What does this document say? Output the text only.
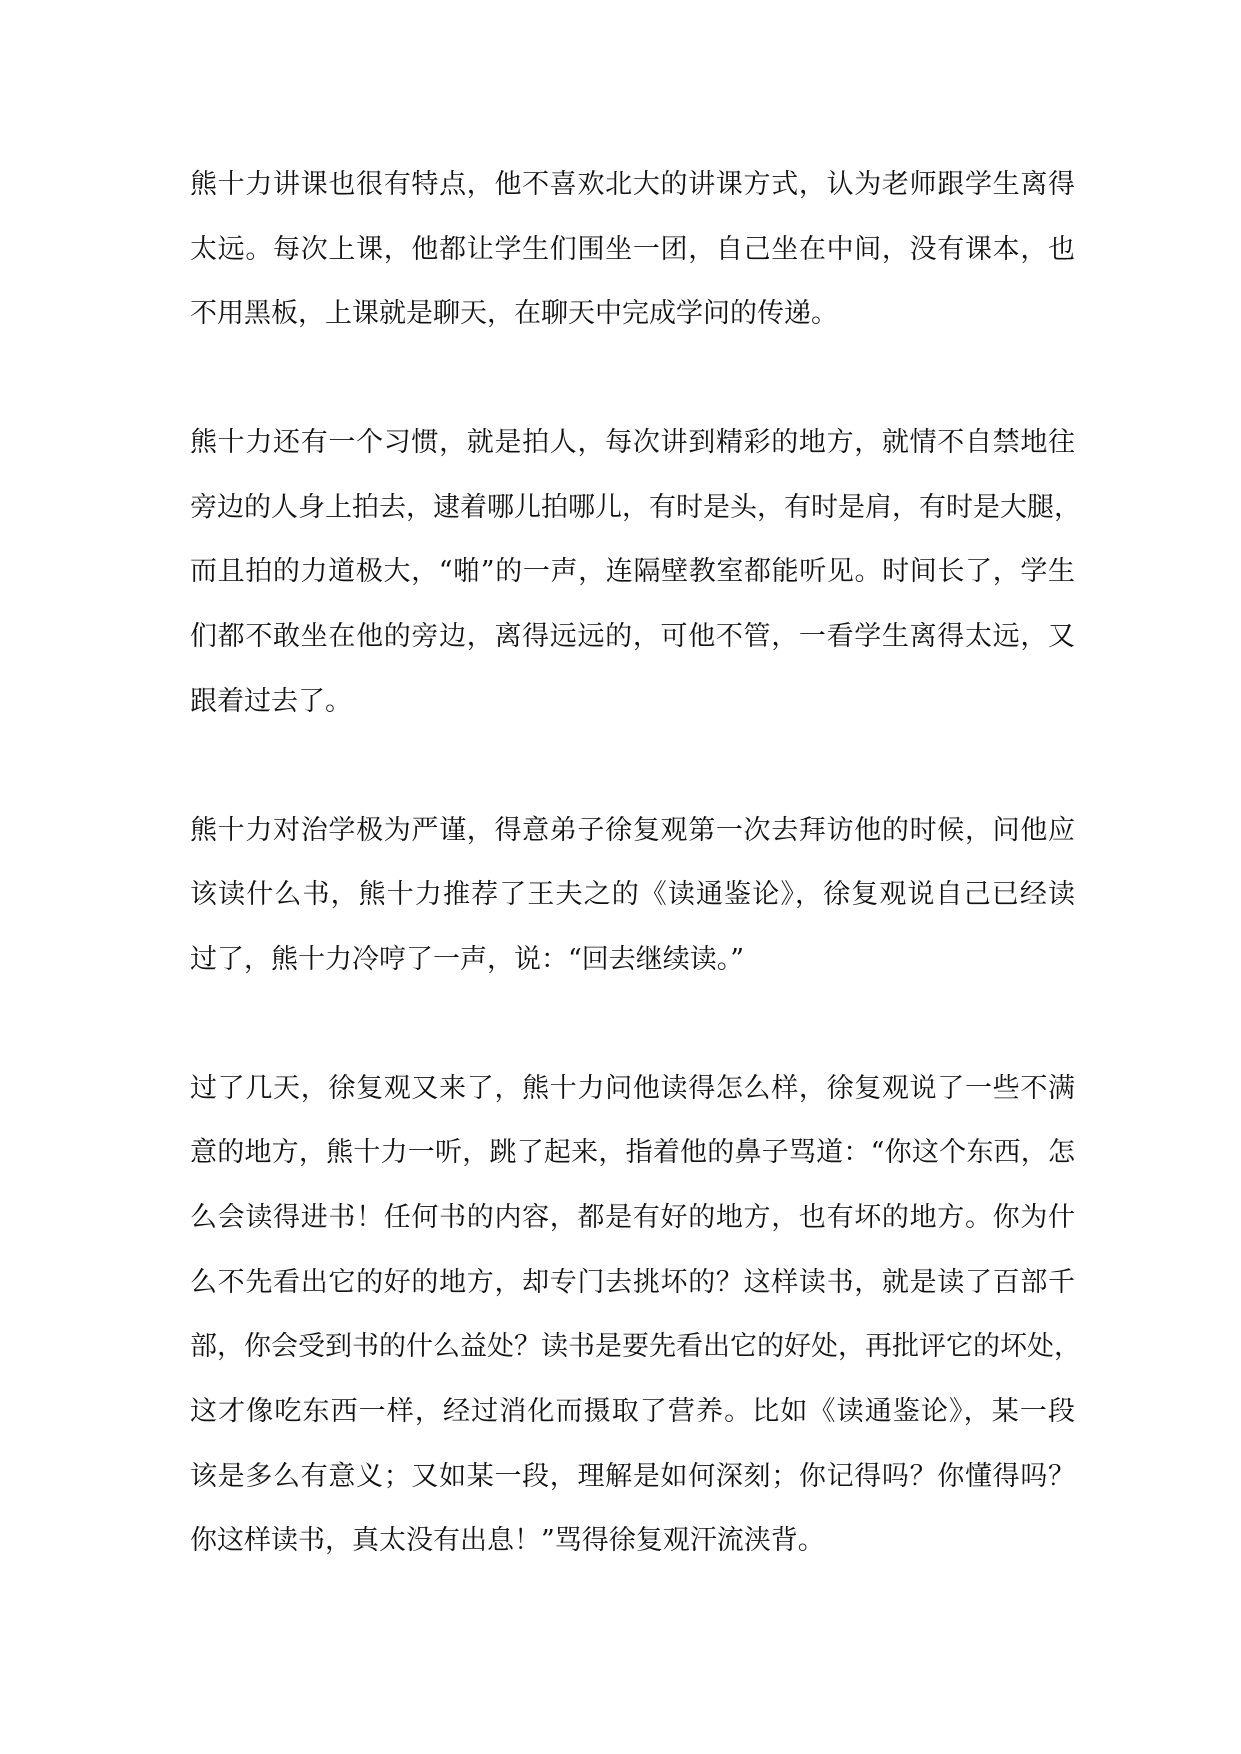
熊十力讲课也很有特点，他不喜欢北大的讲课方式，认为老师跟学生离得
太远。每次上课，他都让学生们围坐一团，自己坐在中间，没有课本，也
不用黑板，上课就是聊天，在聊天中完成学问的传递。

熊十力还有一个习惯，就是拍人，每次讲到精彩的地方，就情不自禁地往
旁边的人身上拍去，逮着哪儿拍哪儿，有时是头，有时是肩，有时是大腿，
而且拍的力道极大，“啪”的一声，连隔壁教室都能听见。时间长了，学生
们都不敢坐在他的旁边，离得远远的，可他不管，一看学生离得太远，又
跟着过去了。

熊十力对治学极为严谨，得意弟子徐复观第一次去拜访他的时候，问他应
该读什么书，熊十力推荐了王夫之的《读通鉴论》，徐复观说自己已经读
过了，熊十力冷哼了一声，说：“回去继续读。”

过了几天，徐复观又来了，熊十力问他读得怎么样，徐复观说了一些不满
意的地方，熊十力一听，跳了起来，指着他的鼻子骂道：“你这个东西，怎
么会读得进书！任何书的内容，都是有好的地方，也有坏的地方。你为什
么不先看出它的好的地方，却专门去挑坏的？这样读书，就是读了百部千
部，你会受到书的什么益处？读书是要先看出它的好处，再批评它的坏处，
这才像吃东西一样，经过消化而摄取了营养。比如《读通鉴论》，某一段
该是多么有意义；又如某一段，理解是如何深刻；你记得吗？你懂得吗？
你这样读书，真太没有出息！”骂得徐复观汗流浃背。
